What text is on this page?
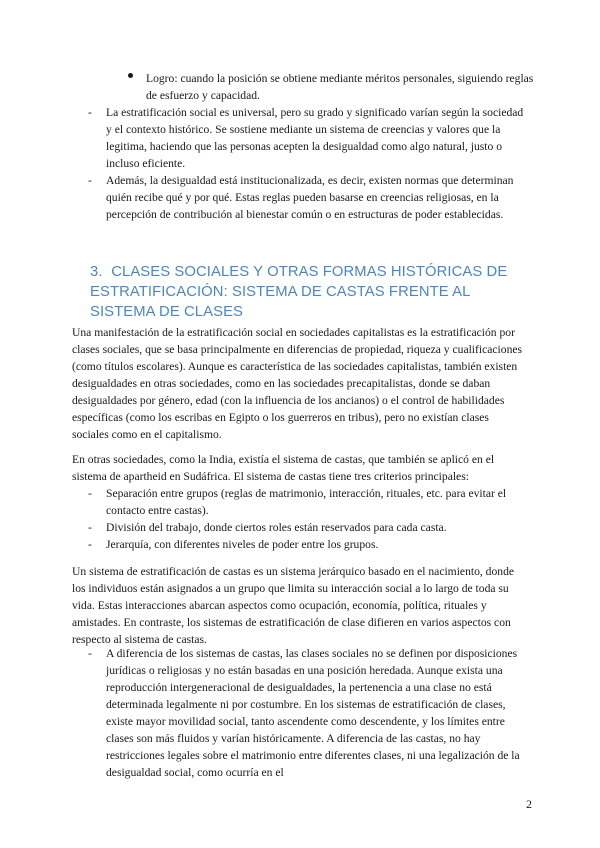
Logro: cuando la posición se obtiene mediante méritos personales, siguiendo reglas de esfuerzo y capacidad.

- La estratificación social es universal, pero su grado y significado varían según la sociedad y el contexto histórico. Se sostiene mediante un sistema de creencias y valores que la legitima, haciendo que las personas acepten la desigualdad como algo natural, justo o incluso eficiente.
- Además, la desigualdad está institucionalizada, es decir, existen normas que determinan quién recibe qué y por qué. Estas reglas pueden basarse en creencias religiosas, en la percepción de contribución al bienestar común o en estructuras de poder establecidas.
3. CLASES SOCIALES Y OTRAS FORMAS HISTÓRICAS DE ESTRATIFICACIÓN: SISTEMA DE CASTAS FRENTE AL SISTEMA DE CLASES

Una manifestación de la estratificación social en sociedades capitalistas es la estratificación por clases sociales, que se basa principalmente en diferencias de propiedad, riqueza y cualificaciones (como títulos escolares). Aunque es característica de las sociedades capitalistas, también existen desigualdades en otras sociedades, como en las sociedades precapitalistas, donde se daban desigualdades por género, edad (con la influencia de los ancianos) o el control de habilidades específicas (como los escribas en Egipto o los guerreros en tribus), pero no existían clases sociales como en el capitalismo.

En otras sociedades, como la India, existía el sistema de castas, que también se aplicó en el sistema de apartheid en Sudáfrica. El sistema de castas tiene tres criterios principales:

- Separación entre grupos (reglas de matrimonio, interacción, rituales, etc. para evitar el contacto entre castas).
- División del trabajo, donde ciertos roles están reservados para cada casta.
- Jerarquía, con diferentes niveles de poder entre los grupos.

Un sistema de estratificación de castas es un sistema jerárquico basado en el nacimiento, donde los individuos están asignados a un grupo que limita su interacción social a lo largo de toda su vida. Estas interacciones abarcan aspectos como ocupación, economía, política, rituales y amistades. En contraste, los sistemas de estratificación de clase difieren en varios aspectos con respecto al sistema de castas.

- A diferencia de los sistemas de castas, las clases sociales no se definen por disposiciones jurídicas o religiosas y no están basadas en una posición heredada. Aunque exista una reproducción intergeneracional de desigualdades, la pertenencia a una clase no está determinada legalmente ni por costumbre. En los sistemas de estratificación de clases, existe mayor movilidad social, tanto ascendente como descendente, y los límites entre clases son más fluidos y varían históricamente. A diferencia de las castas, no hay restricciones legales sobre el matrimonio entre diferentes clases, ni una legalización de la desigualdad social, como ocurría en el
2
